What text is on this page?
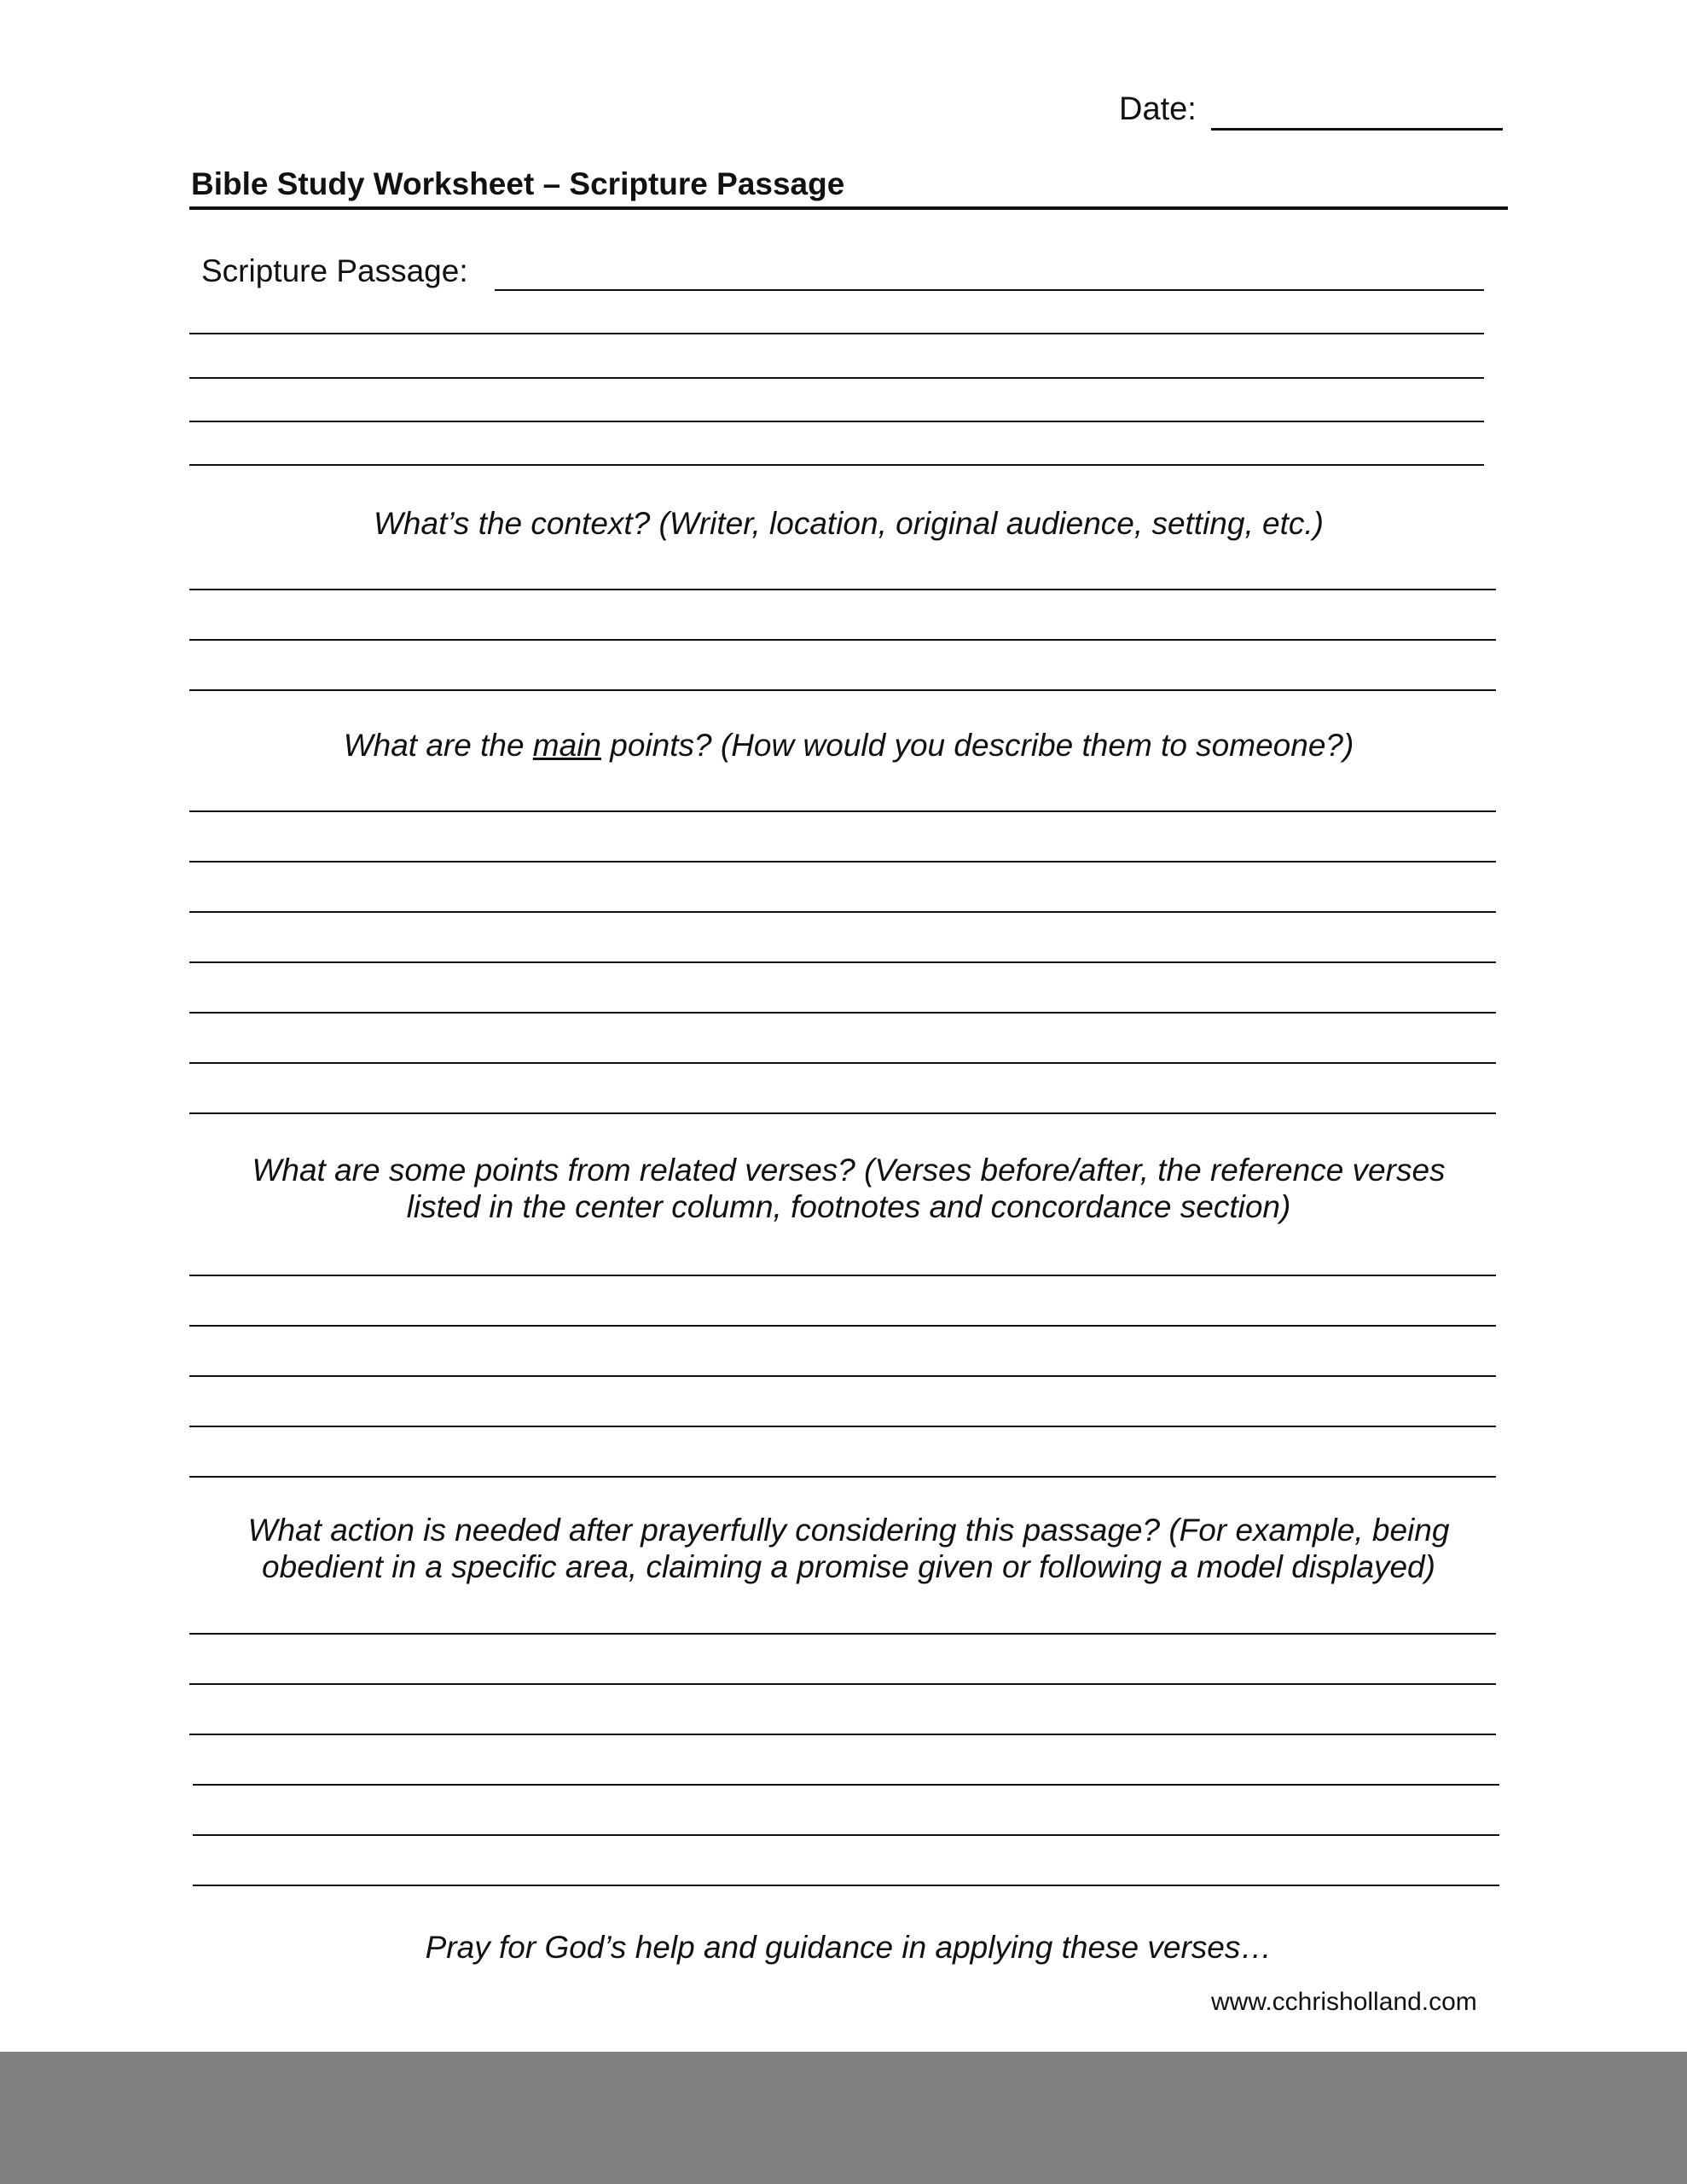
Date:
Bible Study Worksheet – Scripture Passage
Scripture Passage:
What’s the context? (Writer, location, original audience, setting, etc.)
What are the main points? (How would you describe them to someone?)
What are some points from related verses? (Verses before/after, the reference verses
listed in the center column, footnotes and concordance section)
What action is needed after prayerfully considering this passage? (For example, being
obedient in a specific area, claiming a promise given or following a model displayed)
Pray for God’s help and guidance in applying these verses…
www.cchrisholland.com
